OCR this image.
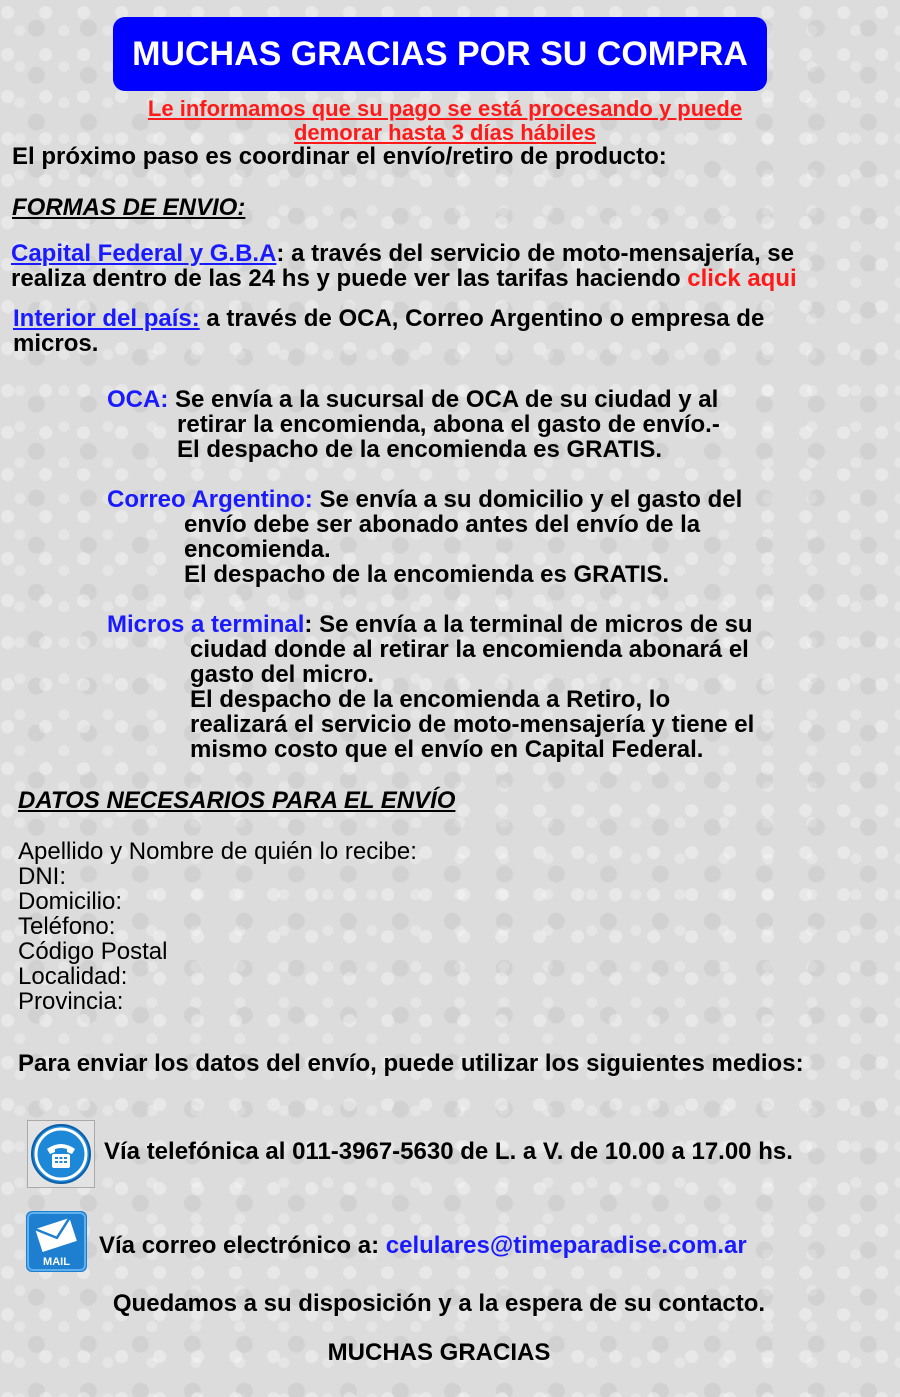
MUCHAS GRACIAS POR SU COMPRA
Le informamos que su pago se está procesando y puede
demorar hasta 3 días hábiles
El próximo paso es coordinar el envío/retiro de producto:
FORMAS DE ENVIO:
Capital Federal y G.B.A: a través del servicio de moto-mensajería, se
realiza dentro de las 24 hs y puede ver las tarifas haciendo click aqui
Interior del país: a través de OCA, Correo Argentino o empresa de
micros.
OCA: Se envía a la sucursal de OCA de su ciudad y al
retirar la encomienda, abona el gasto de envío.-
El despacho de la encomienda es GRATIS.
Correo Argentino: Se envía a su domicilio y el gasto del
envío debe ser abonado antes del envío de la
encomienda.
El despacho de la encomienda es GRATIS.
Micros a terminal: Se envía a la terminal de micros de su
ciudad donde al retirar la encomienda abonará el
gasto del micro.
El despacho de la encomienda a Retiro, lo
realizará el servicio de moto-mensajería y tiene el
mismo costo que el envío en Capital Federal.
DATOS NECESARIOS PARA EL ENVÍO
Apellido y Nombre de quién lo recibe:
DNI:
Domicilio:
Teléfono:
Código Postal
Localidad:
Provincia:
Para enviar los datos del envío, puede utilizar los siguientes medios:
Vía telefónica al 011-3967-5630 de L. a V. de 10.00 a 17.00 hs.
MAIL
Vía correo electrónico a: celulares@timeparadise.com.ar
Quedamos a su disposición y a la espera de su contacto.
MUCHAS GRACIAS
